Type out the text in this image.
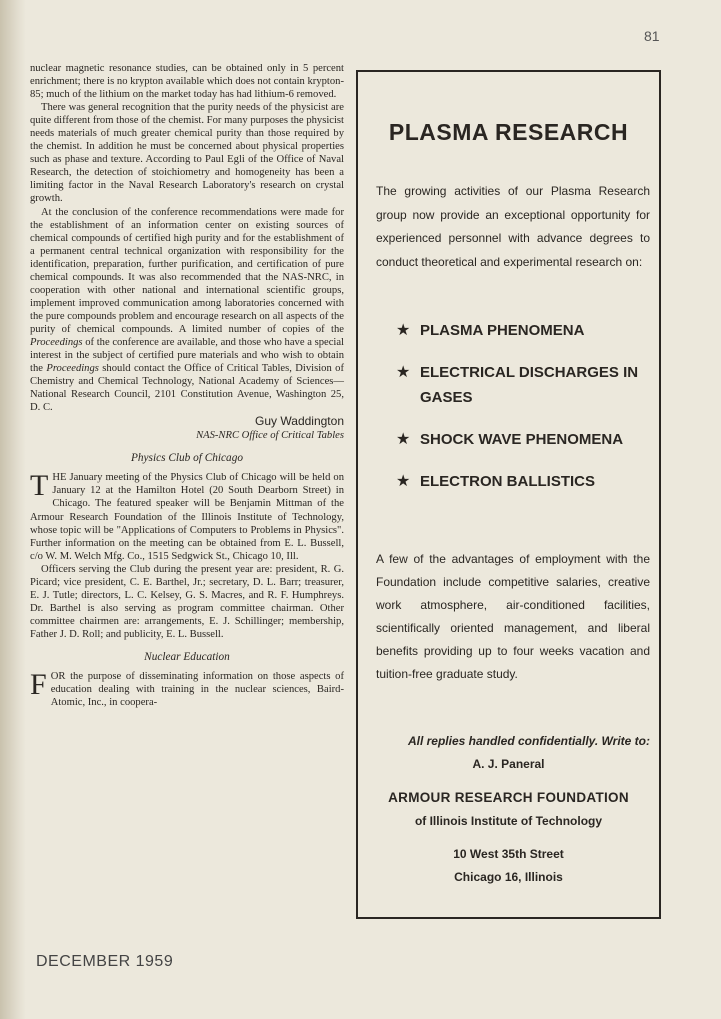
81

nuclear magnetic resonance studies, can be obtained only in 5 percent enrichment; there is no krypton available which does not contain krypton-85; much of the lithium on the market today has had lithium-6 removed.

There was general recognition that the purity needs of the physicist are quite different from those of the chemist. For many purposes the physicist needs materials of much greater chemical purity than those required by the chemist. In addition he must be concerned about physical properties such as phase and texture. According to Paul Egli of the Office of Naval Research, the detection of stoichiometry and homogeneity has been a limiting factor in the Naval Research Laboratory's research on crystal growth.

At the conclusion of the conference recommendations were made for the establishment of an information center on existing sources of chemical compounds of certified high purity and for the establishment of a permanent central technical organization with responsibility for the identification, preparation, further purification, and certification of pure chemical compounds. It was also recommended that the NAS-NRC, in cooperation with other national and international scientific groups, implement improved communication among laboratories concerned with the pure compounds problem and encourage research on all aspects of the purity of chemical compounds. A limited number of copies of the Proceedings of the conference are available, and those who have a special interest in the subject of certified pure materials and who wish to obtain the Proceedings should contact the Office of Critical Tables, Division of Chemistry and Chemical Technology, National Academy of Sciences—National Research Council, 2101 Constitution Avenue, Washington 25, D. C.

Guy Waddington

NAS-NRC Office of Critical Tables

Physics Club of Chicago

THE January meeting of the Physics Club of Chicago will be held on January 12 at the Hamilton Hotel (20 South Dearborn Street) in Chicago. The featured speaker will be Benjamin Mittman of the Armour Research Foundation of the Illinois Institute of Technology, whose topic will be "Applications of Computers to Problems in Physics". Further information on the meeting can be obtained from E. L. Bussell, c/o W. M. Welch Mfg. Co., 1515 Sedgwick St., Chicago 10, Ill.

Officers serving the Club during the present year are: president, R. G. Picard; vice president, C. E. Barthel, Jr.; secretary, D. L. Barr; treasurer, E. J. Tutle; directors, L. C. Kelsey, G. S. Macres, and R. F. Humphreys. Dr. Barthel is also serving as program committee chairman. Other committee chairmen are: arrangements, E. J. Schillinger; membership, Father J. D. Roll; and publicity, E. L. Bussell.

Nuclear Education

FOR the purpose of disseminating information on those aspects of education dealing with training in the nuclear sciences, Baird-Atomic, Inc., in coopera-

PLASMA RESEARCH
The growing activities of our Plasma Research group now provide an exceptional opportunity for experienced personnel with advance degrees to conduct theoretical and experimental research on:
★ PLASMA PHENOMENA
★ ELECTRICAL DISCHARGES IN GASES
★ SHOCK WAVE PHENOMENA
★ ELECTRON BALLISTICS
A few of the advantages of employment with the Foundation include competitive salaries, creative work atmosphere, air-conditioned facilities, scientifically oriented management, and liberal benefits providing up to four weeks vacation and tuition-free graduate study.
All replies handled confidentially. Write to:
A. J. Paneral
ARMOUR RESEARCH FOUNDATION
of Illinois Institute of Technology
10 West 35th Street
Chicago 16, Illinois
DECEMBER 1959
